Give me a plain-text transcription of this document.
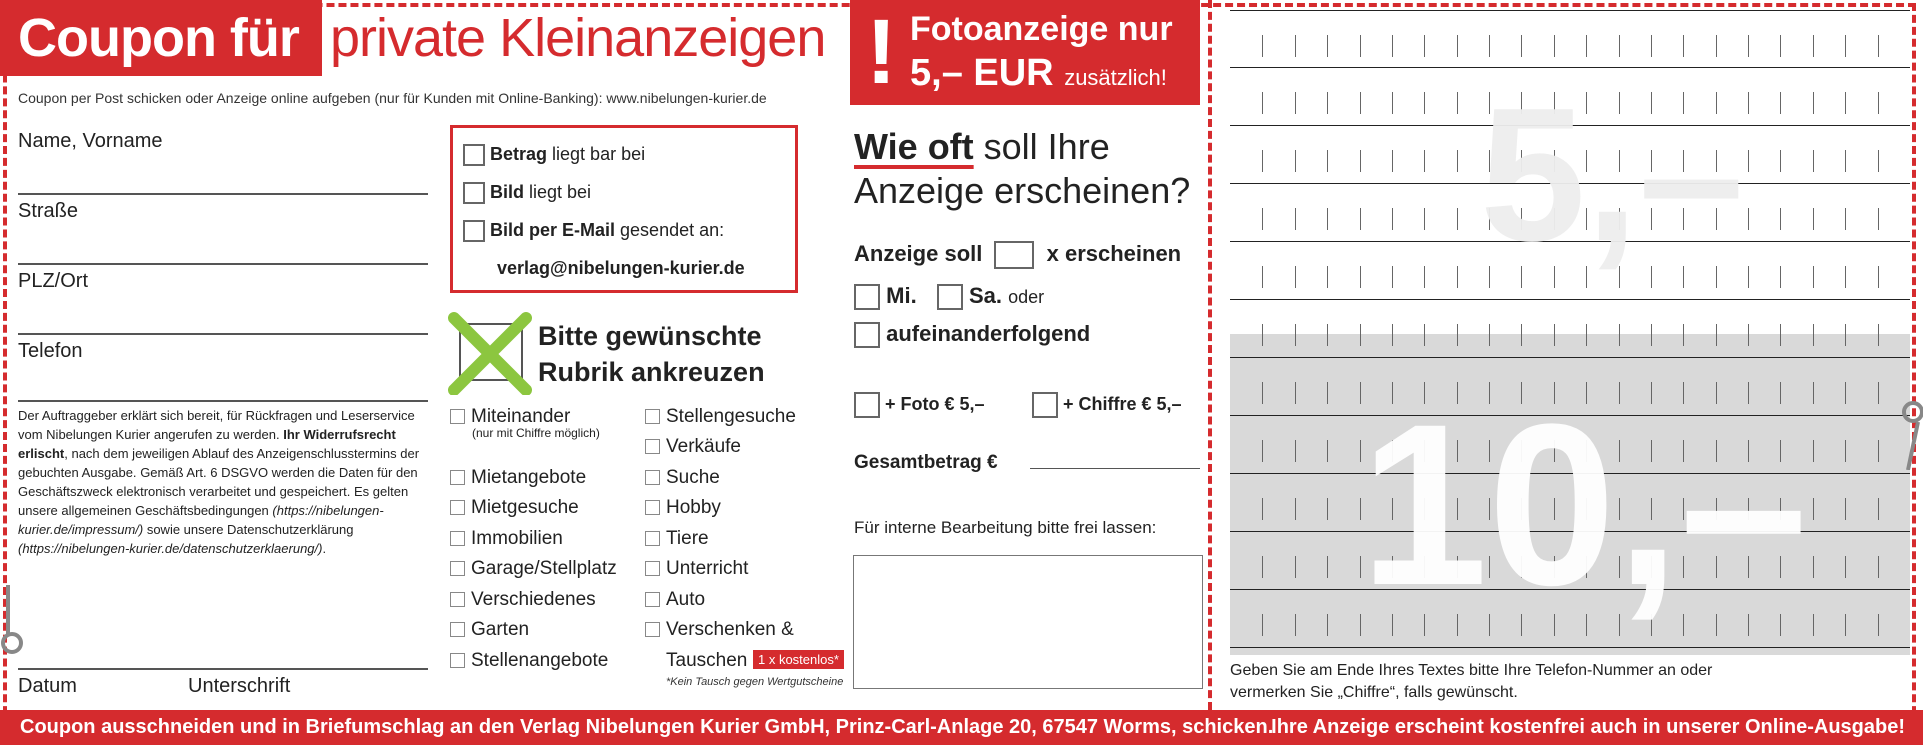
Coupon für private Kleinanzeigen
Coupon per Post schicken oder Anzeige online aufgeben (nur für Kunden mit Online-Banking): www.nibelungen-kurier.de ! Fotoanzeige nur
5,– EUR zusätzlich!
Name, Vorname
Straße
PLZ/Ort
Telefon
Der Auftraggeber erklärt sich bereit, für Rückfragen und Leserservice vom Nibelungen Kurier angerufen zu werden. Ihr Widerrufsrecht erlischt, nach dem jeweiligen Ablauf des Anzeigenschlusstermins der gebuchten Ausgabe. Gemäß Art. 6 DSGVO werden die Daten für den Geschäftszweck elektronisch verarbeitet und gespeichert. Es gelten unsere allgemeinen Geschäftsbedingungen (https://nibelungen-kurier.de/impressum/) sowie unsere Datenschutzerklärung (https://nibelungen-kurier.de/datenschutzerklaerung/).
Datum	Unterschrift
Betrag liegt bar bei
Bild liegt bei
Bild per E-Mail gesendet an:
verlag@nibelungen-kurier.de
Bitte gewünschte
Rubrik ankreuzen
Miteinander
(nur mit Chiffre möglich)
Mietangebote
Mietgesuche
Immobilien
Garage/Stellplatz
Verschiedenes
Garten
Stellenangebote
Stellengesuche
Verkäufe
Suche
Hobby
Tiere
Unterricht
Auto
Verschenken &
Tauschen 1 x kostenlos*
*Kein Tausch gegen Wertgutscheine
Wie oft soll Ihre
Anzeige erscheinen?
Anzeige soll	x erscheinen
Mi. Sa. oder
aufeinanderfolgend
+ Foto € 5,–	+ Chiffre € 5,–
Gesamtbetrag €
Für interne Bearbeitung bitte frei lassen:
5,–
10,–
Geben Sie am Ende Ihres Textes bitte Ihre Telefon-Nummer an oder
vermerken Sie „Chiffre“, falls gewünscht.
Coupon ausschneiden und in Briefumschlag an den Verlag Nibelungen Kurier GmbH, Prinz-Carl-Anlage 20, 67547 Worms, schicken.
Ihre Anzeige erscheint kostenfrei auch in unserer Online-Ausgabe!
